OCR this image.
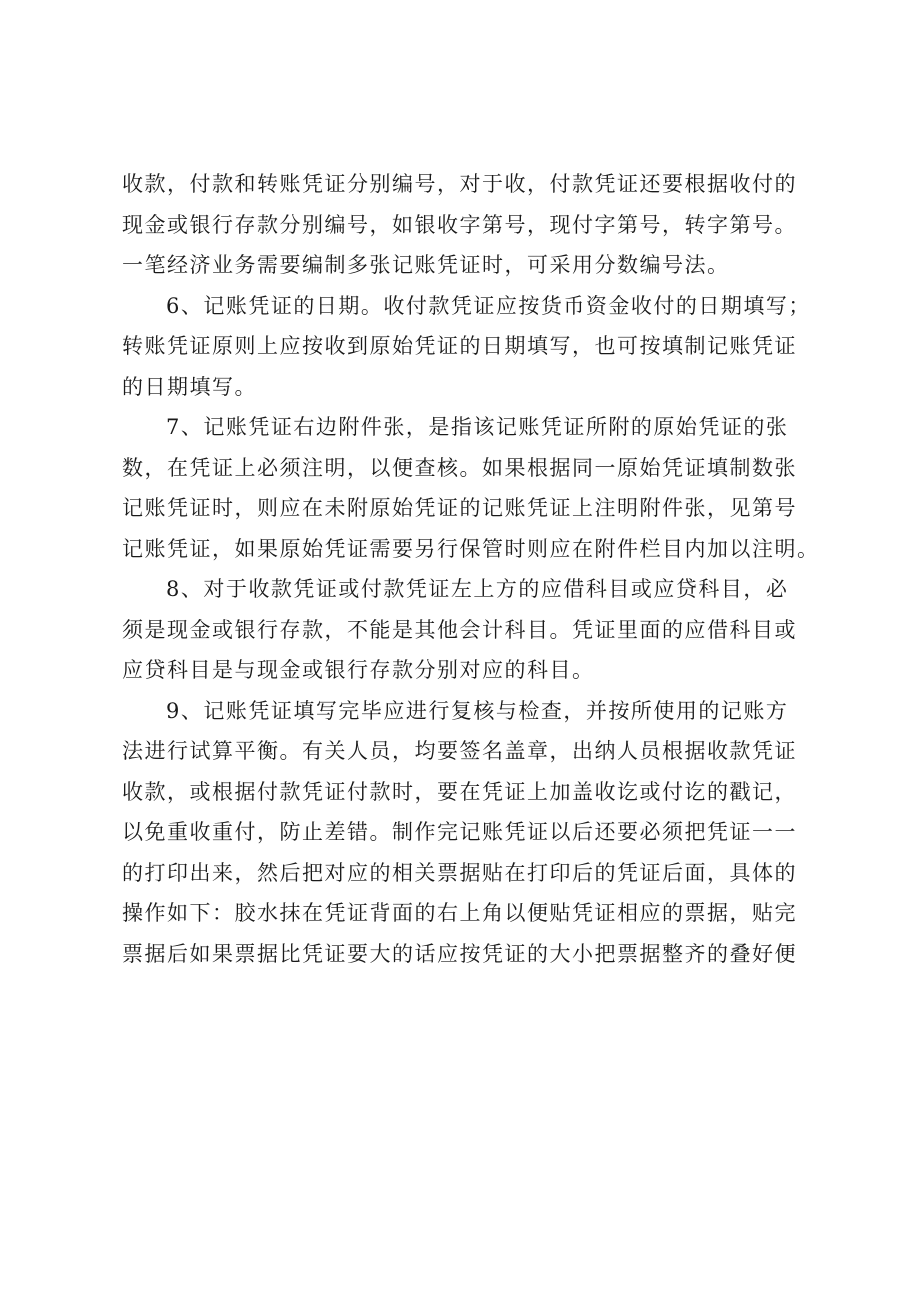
收款，付款和转账凭证分别编号，对于收，付款凭证还要根据收付的
现金或银行存款分别编号，如银收字第号，现付字第号，转字第号。
一笔经济业务需要编制多张记账凭证时，可采用分数编号法。
6、记账凭证的日期。收付款凭证应按货币资金收付的日期填写；
转账凭证原则上应按收到原始凭证的日期填写，也可按填制记账凭证
的日期填写。
7、记账凭证右边附件张，是指该记账凭证所附的原始凭证的张
数，在凭证上必须注明，以便查核。如果根据同一原始凭证填制数张
记账凭证时，则应在未附原始凭证的记账凭证上注明附件张，见第号
记账凭证，如果原始凭证需要另行保管时则应在附件栏目内加以注明。
8、对于收款凭证或付款凭证左上方的应借科目或应贷科目，必
须是现金或银行存款，不能是其他会计科目。凭证里面的应借科目或
应贷科目是与现金或银行存款分别对应的科目。
9、记账凭证填写完毕应进行复核与检查，并按所使用的记账方
法进行试算平衡。有关人员，均要签名盖章，出纳人员根据收款凭证
收款，或根据付款凭证付款时，要在凭证上加盖收讫或付讫的戳记，
以免重收重付，防止差错。制作完记账凭证以后还要必须把凭证一一
的打印出来，然后把对应的相关票据贴在打印后的凭证后面，具体的
操作如下：胶水抹在凭证背面的右上角以便贴凭证相应的票据，贴完
票据后如果票据比凭证要大的话应按凭证的大小把票据整齐的叠好便
